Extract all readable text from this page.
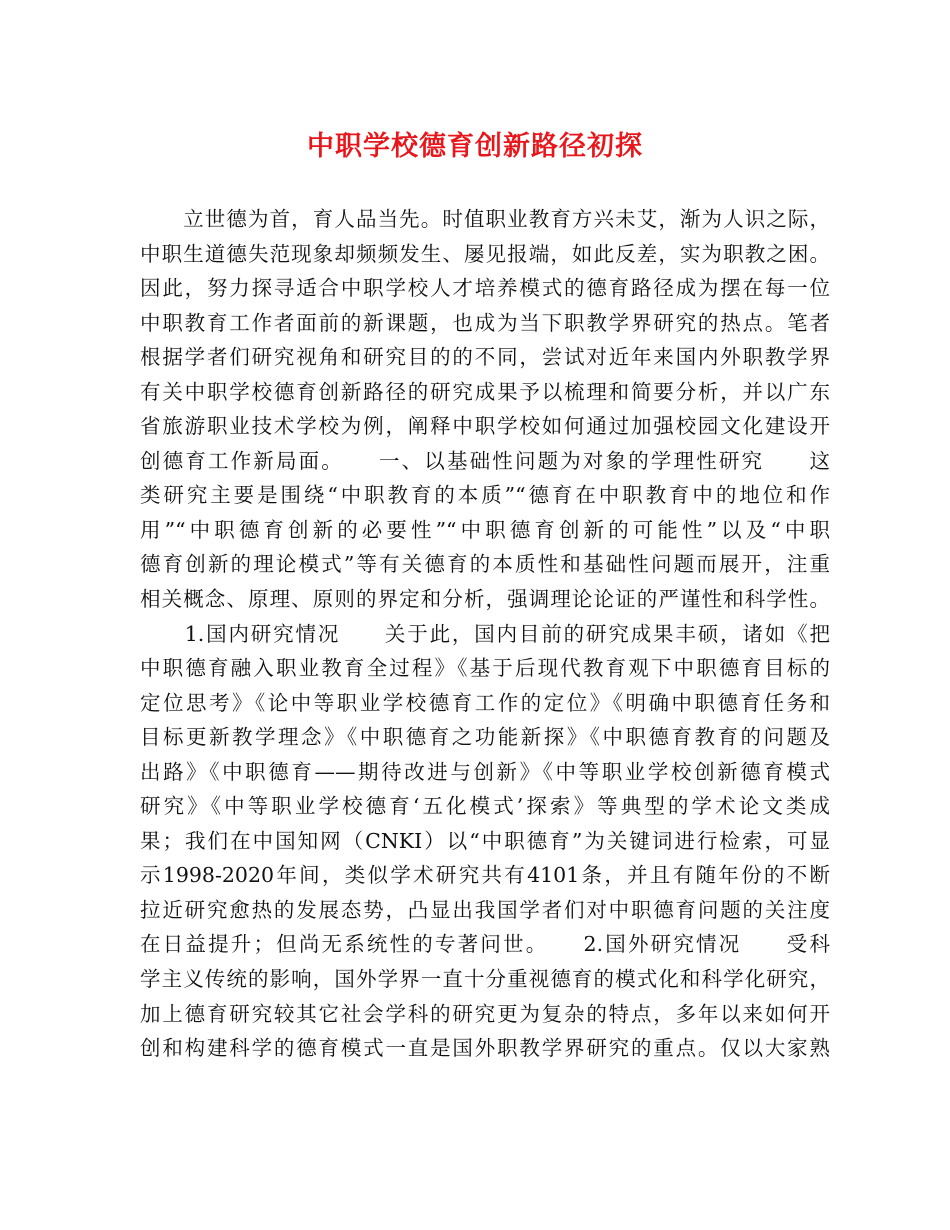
中职学校德育创新路径初探
　　立世德为首，育人品当先。时值职业教育方兴未艾，渐为人识之际，
中职生道德失范现象却频频发生、屡见报端，如此反差，实为职教之困。
因此，努力探寻适合中职学校人才培养模式的德育路径成为摆在每一位
中职教育工作者面前的新课题，也成为当下职教学界研究的热点。笔者
根据学者们研究视角和研究目的的不同，尝试对近年来国内外职教学界
有关中职学校德育创新路径的研究成果予以梳理和简要分析，并以广东
省旅游职业技术学校为例，阐释中职学校如何通过加强校园文化建设开
创德育工作新局面。　　一、以基础性问题为对象的学理性研究　　这
类研究主要是围绕“中职教育的本质”“德育在中职教育中的地位和作
用”“中职德育创新的必要性”“中职德育创新的可能性”以及“中职
德育创新的理论模式”等有关德育的本质性和基础性问题而展开，注重
相关概念、原理、原则的界定和分析，强调理论论证的严谨性和科学性。
　　1.国内研究情况　　关于此，国内目前的研究成果丰硕，诸如《把
中职德育融入职业教育全过程》《基于后现代教育观下中职德育目标的
定位思考》《论中等职业学校德育工作的定位》《明确中职德育任务和
目标更新教学理念》《中职德育之功能新探》《中职德育教育的问题及
出路》《中职德育——期待改进与创新》《中等职业学校创新德育模式
研究》《中等职业学校德育‘五化模式’探索》等典型的学术论文类成
果；我们在中国知网（CNKI）以“中职德育”为关键词进行检索，可显
示1998-2020年间，类似学术研究共有4101条，并且有随年份的不断
拉近研究愈热的发展态势，凸显出我国学者们对中职德育问题的关注度
在日益提升；但尚无系统性的专著问世。　　2.国外研究情况　　受科
学主义传统的影响，国外学界一直十分重视德育的模式化和科学化研究，
加上德育研究较其它社会学科的研究更为复杂的特点，多年以来如何开
创和构建科学的德育模式一直是国外职教学界研究的重点。仅以大家熟
